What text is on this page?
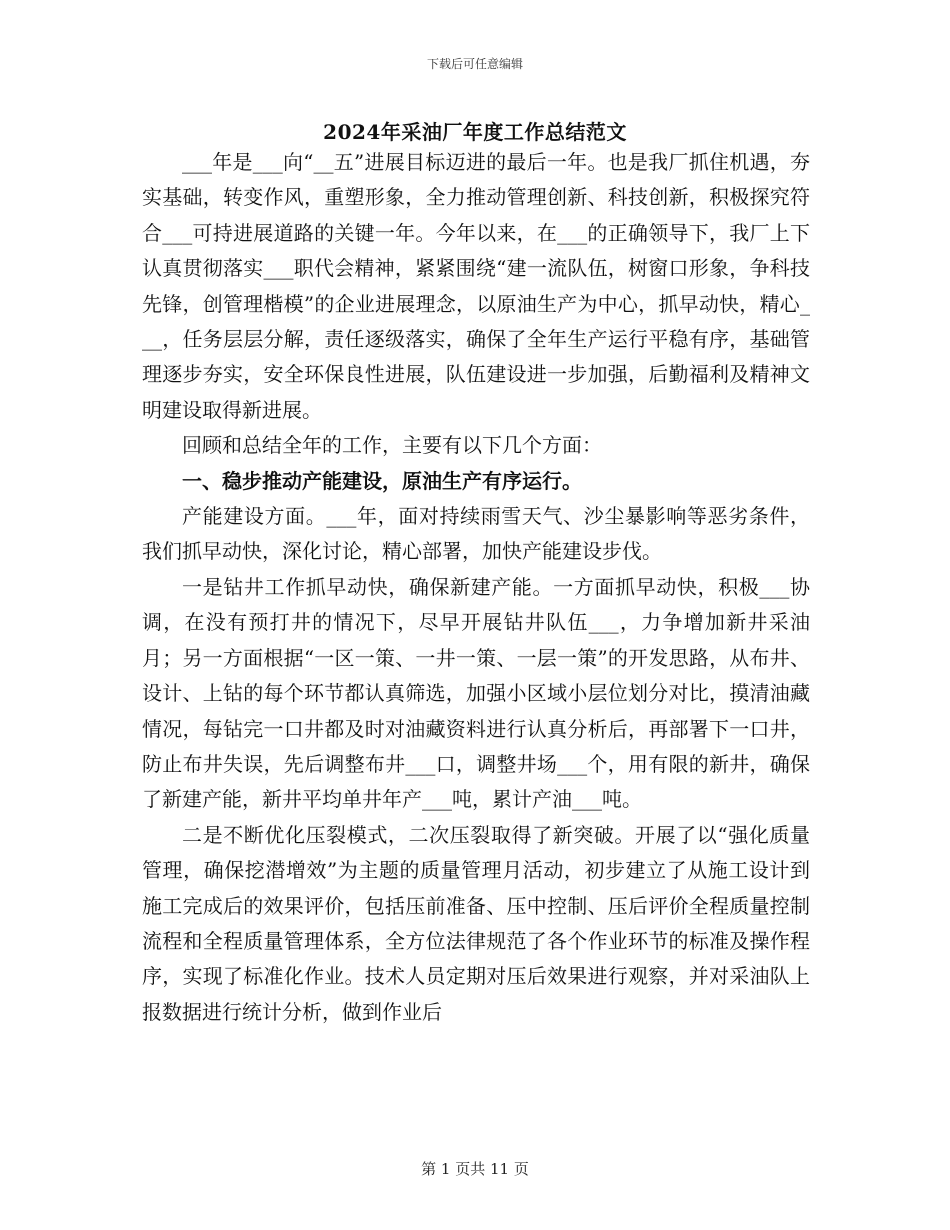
下载后可任意编辑
2024年采油厂年度工作总结范文

___年是___向“__五”进展目标迈进的最后一年。也是我厂抓住机遇，夯实基础，转变作风，重塑形象，全力推动管理创新、科技创新，积极探究符合___可持进展道路的关键一年。今年以来，在___的正确领导下，我厂上下认真贯彻落实___职代会精神，紧紧围绕“建一流队伍，树窗口形象，争科技先锋，创管理楷模”的企业进展理念，以原油生产为中心，抓早动快，精心___，任务层层分解，责任逐级落实，确保了全年生产运行平稳有序，基础管理逐步夯实，安全环保良性进展，队伍建设进一步加强，后勤福利及精神文明建设取得新进展。

回顾和总结全年的工作，主要有以下几个方面：

一、稳步推动产能建设，原油生产有序运行。

产能建设方面。___年，面对持续雨雪天气、沙尘暴影响等恶劣条件，我们抓早动快，深化讨论，精心部署，加快产能建设步伐。

一是钻井工作抓早动快，确保新建产能。一方面抓早动快，积极___协调，在没有预打井的情况下，尽早开展钻井队伍___，力争增加新井采油月；另一方面根据“一区一策、一井一策、一层一策”的开发思路，从布井、设计、上钻的每个环节都认真筛选，加强小区域小层位划分对比，摸清油藏情况，每钻完一口井都及时对油藏资料进行认真分析后，再部署下一口井，防止布井失误，先后调整布井___口，调整井场___个，用有限的新井，确保了新建产能，新井平均单井年产___吨，累计产油___吨。

二是不断优化压裂模式，二次压裂取得了新突破。开展了以“强化质量管理，确保挖潜增效”为主题的质量管理月活动，初步建立了从施工设计到施工完成后的效果评价，包括压前准备、压中控制、压后评价全程质量控制流程和全程质量管理体系，全方位法律规范了各个作业环节的标准及操作程序，实现了标准化作业。技术人员定期对压后效果进行观察，并对采油队上报数据进行统计分析，做到作业后

第 1 页共 11 页
